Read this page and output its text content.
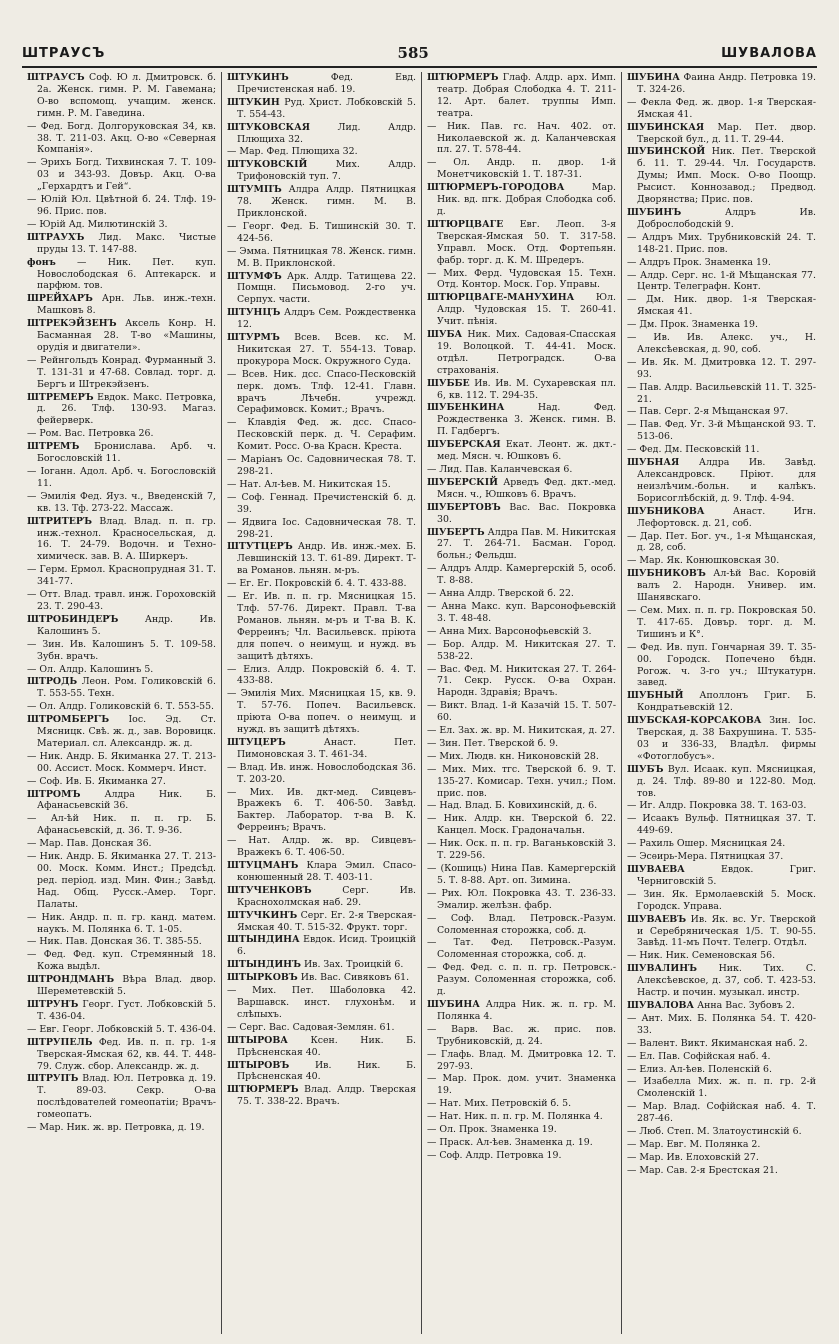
ШТРАУСЪ	585	ШУВАЛОВА

ШТРАУСЪ Соф. Ю л. Дмитровск. б. 2а. Женск. гимн. Р. М. Гавемана; О-во вспомощ. учащим. женск. гимн. Р. М. Гаведина.

— Фед. Богд. Долгоруковская 34, кв. 38. Т. 211-03. Акц. О-во «Северная Компанія».

— Эрихъ Богд. Тихвинская 7. Т. 109-03 и 343-93. Довър. Акц. О-ва „Герхардтъ и Гей“.

— Юлій Юл. Цвѣтной б. 24. Тлф. 19-96. Прис. пов.

— Юрій Ад. Милютинскій 3.

ШТРАУХЪ Лид. Макс. Чистые пруды 13. Т. 147-88.

фонъ — Ник. Пет. куп. Новослободская 6. Аптекарск. и парфюм. тов.

ШРЕЙХАРЪ Арн. Льв. инж.-техн. Машковъ 8.

ШТРЕКЭЙЗЕНЪ Аксель Конр. Н. Басманная 28. Т-во «Машины, орудія и двигатели».

— Рейнгольдъ Конрад. Фурманный 3. Т. 131-31 и 47-68. Совлад. торг. д. Бергъ и Штрекэйзенъ.

ШТРЕМЕРЪ Евдок. Макс. Петровка, д. 26. Тлф. 130-93. Магаз. фейерверк.

— Ром. Вас. Петровка 26.

ШТРЕМЪ Брониcлава. Арб. ч. Богословскій 11.

— Іоганн. Адол. Арб. ч. Богословскій 11.

— Эмилія Фед. Яуз. ч., Введенскій 7, кв. 13. Тф. 273-22. Массаж.

ШТРИТЕРЪ Влад. Влад. п. п. гр. инж.-технол. Красносельская, д. 16. Т. 24-79. Водочн. и Техно-химическ. зав. В. А. Ширкеръ.

— Герм. Ермол. Краснопрудная 31. Т. 341-77.

— Отт. Влад. травл. инж. Гороховскій 23. Т. 290-43.

ШТРОБИНДЕРЪ	Андр. Ив. Калошинъ 5.

— Зин. Ив. Калошинъ 5. Т. 109-58. Зубн. врачъ.

— Ол. Алдр. Калошинъ 5.

ШТРОДЬ Леон. Ром. Голиковскій 6. Т. 553-55. Техн.

— Ол. Алдр. Голиковскій 6. Т. 553-55.

ШТРОМБЕРГЪ Іос. Эд. Ст. Мясницк. Свѣ. ж. д., зав. Воровицк. Материал. сл. Александр. ж. д.

— Ник. Андр. Б. Якиманка 27. Т. 213-00. Ассист. Моск. Коммерч. Инст.

— Соф. Ив. Б. Якиманка 27.

ШТРОМЪ	Алдра Ник. Б. Афанасьевскій 36.

— Ал-ѣй Ник. п. п. гр. Б. Афанасьевскій, д. 36. Т. 9-36.

— Мар. Пав. Донская 36.

— Ник. Андр. Б. Якиманка 27. Т. 213-00. Моск. Комм. Инст.; Предсѣд. ред. період. изд. Мин. Фин.; Завѣд. Над. Общ. Русск.-Амер. Торг. Палаты.

— Ник. Андр. п. п. гр. канд. матем. наукъ. М. Полянка 6. Т. 1-05.

— Ник. Пав. Донская 36. Т. 385-55.

— Фед. Фед. куп. Стремянный 18. Кожа выдѣл.

ШТРОНДМАНЪ Вѣра Влад. двор. Шереметевскій 5.

ШТРУНЪ Георг. Густ. Лобковскій 5. Т. 436-04.

— Евг. Георг. Лобковскій 5. Т. 436-04.

ШТРУПЕЛЬ Фед. Ив. п. п. гр. 1-я Тверская-Ямская 62, кв. 44. Т. 448-79. Служ. сбор. Александр. ж. д.

ШТРУПЪ Влад. Юл. Петровка д. 19. Т. 89-03. Секр. О-ва послѣдователей гомеопатіи; Врачъ-гомеопатъ.

— Мар. Ник. ж. вр. Петровка, д. 19.

ШТУКИНЪ	Фед. Евд. Пречистенская наб. 19.

ШТУКИН Руд. Христ. Лобковскій 5. Т. 554-43.

ШТУКОВСКАЯ	Лид. Алдр. Плющиха 32.

— Мар. Фед. Плющиха 32.

ШТУКОВСКІЙ	Мих. Алдр. Трифоновскій туп. 7.

ШТУМПЪ Алдра Алдр. Пятницкая 78. Женск. гимн. М. В. Приклонской.

— Георг. Фед. Б. Тишинскій 30. Т. 424-56.

— Эмма. Пятницкая 78. Женск. гимн. М. В. Приклонской.

ШТУМФЪ Арк. Алдр. Татищева 22. Помщн. Письмовод. 2-го уч. Серпух. части.

ШТУНЦЪ Алдръ Сем. Рождественка 12.

ШТУРМЪ Всев. Всев. кс. М. Никитская 27. Т. 554-13. Товар. прокурора Моск. Окружного Суда.

— Всев. Ник. дсс. Спасо-Песковскій перк. домъ. Тлф. 12-41. Главн. врачъ Лѣчебн. учрежд. Серафимовск. Комит.; Врачъ.

— Клавдія Фед. ж. дсс. Спасо-Песковскій перк. д. Ч. Серафим. Комит. Росс. О-ва Красн. Креста.

— Маріанъ Ос. Садовническая 78. Т. 298-21.

— Нат. Ал-ѣев. М. Никитская 15.

— Соф. Геннад. Пречистенскій б. д. 39.

— Ядвига Іос. Садовническая 78. Т. 298-21.

ШТУТЦЕРЪ Андр. Ив. инж.-мех. Б. Левшинскій 13. Т. 61-89. Директ. Т-ва Романов. льнян. м-ръ.

— Ег. Ег. Покровскій б. 4. Т. 433-88.

— Ег. Ив. п. п. гр. Мясницкая 15. Тлф. 57-76. Директ. Правл. Т-ва Романов. льнян. м-ръ и Т-ва В. К. Ферреинъ; Чл. Васильевск. пріюта для попеч. о неимущ. и нужд. въ защитѣ дѣтяхъ.

— Елиз. Алдр. Покровскій б. 4. Т. 433-88.

— Эмилія Мих. Мясницкая 15, кв. 9. Т. 57-76. Попеч. Васильевск. пріюта О-ва попеч. о неимущ. и нужд. въ защитѣ дѣтяхъ.

ШТУЦЕРЪ	Анаст. Пет. Пимоновская 3. Т. 461-34.

— Влад. Ив. инж. Новослободская 36. Т. 203-20.

— Мих. Ив. дкт-мед. Сивцевъ-Вражекъ 6. Т. 406-50. Завѣд. Бактер. Лаборатор. т-ва В. К. Ферреинъ; Врачъ.

— Нат. Алдр. ж. вр. Сивцевъ-Вражекъ 6. Т. 406-50.

ШТУЦМАНЪ Клара Эмил. Спасо-конюшенный 28. Т. 403-11.

ШТУЧЕНКОВЪ	Серг. Ив. Краснохолмская наб. 29.

ШТУЧКИНЪ Серг. Ег. 2-я Тверская-Ямская 40. Т. 515-32. Фрукт. торг.

ШТЫНДИНА Евдок. Исид. Троицкій 6.

ШТЫНДИНЪ Ив. Зах. Троицкій 6.

ШТЫРКОВЪ Ив. Вас. Сивяковъ 61.

— Мих. Пет. Шаболовка 42. Варшавск. инст. глухонѣм. и слѣпыхъ.

— Серг. Вас. Садовая-Землян. 61.

ШТЫРОВА Ксен. Ник. Б. Прѣсненская 40.

ШТЫРОВЪ	Ив. Ник. Б. Прѣсненская 40.

ШТЮРМЕРЪ Влад. Алдр. Тверская 75. Т. 338-22. Врачъ.

ШТЮРМЕРЪ Глаф. Алдр. арх. Имп. театр. Добрая Слободка 4. Т. 211-12. Арт. балет. труппы Имп. театра.

— Ник. Пав. гс. Нач. 402. от. Николаевской ж. д. Каланчевская пл. 27. Т. 578-44.

— Ол. Андр. п. двор. 1-й Монетчиковскій 1. Т. 187-31.

ШТЮРМЕРЪ-ГОРОДОВА	Мар. Ник. вд. пгк. Добрая Слободка соб. д.

ШТЮРЦВАГЕ Евг. Леоп. 3-я Тверская-Ямская 50. Т. 317-58. Управл. Моск. Отд. Фортепьян. фабр. торг. д. К. М. Шредеръ.

— Мих. Ферд. Чудовская 15. Техн. Отд. Контор. Моск. Гор. Управы.

ШТЮРЦВАГЕ-МАНУХИНА Юл. Алдр. Чудовская 15. Т. 260-41. Учит. пѣнія.

ШУБА Ник. Мих. Садовая-Спасская 19. Волоцкой. Т. 44-41. Моск. отдѣл. Петроградск. О-ва страхованія.

ШУББЕ Ив. Ив. М. Сухаревская пл. 6, кв. 112. Т. 294-35.

ШУБЕНКИНА	Над. Фед. Рождественка 3. Женск. гимн. В. П. Гадбергъ.

ШУБЕРСКАЯ Екат. Леонт. ж. дкт.-мед. Мясн. ч. Юшковъ 6.

— Лид. Пав. Каланчевская 6.

ШУБЕРСКІЙ Арведъ Фед. дкт.-мед. Мясн. ч., Юшковъ 6. Врачъ.

ШУБЕРТОВЪ Вас. Вас. Покровка 30.

ШУБЕРТЪ Алдра Пав. М. Никитская 27. Т. 264-71. Басман. Город. больн.; Фельдш.

— Алдръ Алдр. Камергерскій 5, особ. Т. 8-88.

— Анна Алдр. Тверской б. 22.

— Анна Макс. куп. Варсонофьевскій 3. Т. 48-48.

— Анна Мих. Варсонофьевскій 3.

— Бор. Алдр. М. Никитская 27. Т. 538-22.

— Вас. Фед. М. Никитская 27. Т. 264-71. Секр. Русск. О-ва Охран. Народн. Здравія; Врачъ.

— Викт. Влад. 1-й Казачій 15. Т. 507-60.

— Ел. Зах. ж. вр. М. Никитская, д. 27.

— Зин. Пет. Тверской б. 9.

— Мих. Людв. кн. Никоновскій 28.

— Мих. Мих. тгс. Тверской б. 9. Т. 135-27. Комисар. Техн. учил.; Пом. прис. пов.

— Над. Влад. Б. Ковихинскій, д. 6.

— Ник. Алдр. кн. Тверской б. 22. Канцел. Моск. Градоначальн.

— Ник. Оск. п. п. гр. Ваганьковскій 3. Т. 229-56.

— (Кошиць) Нина Пав. Камергерскій 5. Т. 8-88. Арт. оп. Зимина.

— Рих. Юл. Покровка 43. Т. 236-33. Эмалир. желѣзн. фабр.

— Соф. Влад. Петровск.-Разум. Соломенная сторожка, соб. д.

— Тат. Фед. Петровск.-Разум. Соломенная сторожка, соб. д.

— Фед. Фед. с. п. п. гр. Петровск.-Разум. Соломенная сторожка, соб. д.

ШУБИНА Алдра Ник. ж. п. гр. М. Полянка 4.

— Варв. Вас. ж. прис. пов. Трубниковскій, д. 24.

— Глафь. Влад. М. Дмитровка 12. Т. 297-93.

— Мар. Прок. дом. учит. Знаменка 19.

— Нат. Мих. Петровскій б. 5.

— Нат. Ник. п. п. гр. М. Полянка 4.

— Ол. Прок. Знаменка 19.

— Праск. Ал-ѣев. Знаменка д. 19.

— Соф. Алдр. Петровка 19.

ШУБИНА Фаина Андр. Петровка 19. Т. 324-26.

— Фекла Фед. ж. двор. 1-я Тверская-Ямская 41.

ШУБИНСКАЯ Мар. Пет. двор. Тверской бул., д. 11. Т. 29-44.

ШУБИНСКОЙ Ник. Пет. Тверской б. 11. Т. 29-44. Чл. Государств. Думы; Имп. Моск. О-во Поощр. Рысист. Коннозавод.; Предвод. Дворянства; Прис. пов.

ШУБИНЪ	Алдръ Ив. Доброслободскій 9.

— Алдръ Мих. Трубниковскій 24. Т. 148-21. Прис. пов.

— Алдръ Прок. Знаменка 19.

— Алдр. Серг. нс. 1-й Мѣщанская 77. Центр. Телеграфн. Конт.

— Дм. Ник. двор. 1-я Тверская-Ямская 41.

— Дм. Прок. Знаменка 19.

— Ив. Ив. Алекс. уч., Н. Алексѣевская, д. 90, соб.

— Ив. Як. М. Дмитровка 12. Т. 297-93.

— Пав. Алдр. Васильевскій 11. Т. 325-21.

— Пав. Серг. 2-я Мѣщанская 97.

— Пав. Фед. Уг. 3-й Мѣщанской 93. Т. 513-06.

— Фед. Дм. Песковскій 11.

ШУБНАЯ Алдра Ив. Завѣд. Александровск. Пріют. для неизлѣчим.-больн. и калѣкъ. Борисоглѣбскій, д. 9. Тлф. 4-94.

ШУБНИКОВА	Анаст. Игн. Лефортовск. д. 21, соб.

— Дар. Пет. Бог. уч., 1-я Мѣщанская, д. 28, соб.

— Мар. Як. Конюшковская 30.

ШУБНИКОВЪ Ал-ѣй Вас. Коровій валъ 2. Народн. Универ. им. Шанявскаго.

— Сем. Мих. п. п. гр. Покровская 50. Т. 417-65. Довър. торг. д. М. Тишинъ и К°.

— Фед. Ив. пуп. Гончарная 39. Т. 35-00. Городск. Попечено бѣдн. Рогож. ч. 3-го уч.; Штукатурн. завед.

ШУБНЫЙ Аполлонъ Григ. Б. Кондратьевскій 12.

ШУБСКАЯ-КОРСАКОВА Зин. Іос. Тверская, д. 38 Бахрушина. Т. 535-03 и 336-33, Владѣл. фирмы «Фотоглобусъ».

ШУБЪ Вул. Исаак. куп. Мясницкая, д. 24. Тлф. 89-80 и 122-80. Мод. тов.

— Иг. Алдр. Покровка 38. Т. 163-03.

— Исаакъ Вульф. Пятницкая 37. Т. 449-69.

— Рахиль Ошер. Мясницкая 24.

— Эсѳирь-Мера. Пятницкая 37.

ШУВАЕВА	Евдок. Григ. Черниговскій 5.

— Зин. Як. Ермолаевскій 5. Моск. Городск. Управа.

ШУВАЕВЪ Ив. Як. вс. Уг. Тверской и Серебряническая 1/5. Т. 90-55. Завѣд. 11-мъ Почт. Телегр. Отдѣл.

— Ник. Ник. Семеновская 56.

ШУВАЛИНЪ Ник. Тих. С. Алексѣевское, д. 37, соб. Т. 423-53. Настр. и почин. музыкал. инстр.

ШУВАЛОВА Анна Вас. Зубовъ 2.

— Ант. Мих. Б. Полянка 54. Т. 420-33.

— Валент. Викт. Якиманская наб. 2.

— Ел. Пав. Софійская наб. 4.

— Елиз. Ал-ѣев. Поленскій 6.

— Изабелла Мих. ж. п. п. гр. 2-й Смоленскій 1.

— Мар. Влад. Софійская наб. 4. Т. 287-46.

— Люб. Степ. М. Златоустинскій 6.

— Мар. Евг. М. Полянка 2.

— Мар. Ив. Елоховскій 27.

— Мар. Сав. 2-я Брестская 21.
